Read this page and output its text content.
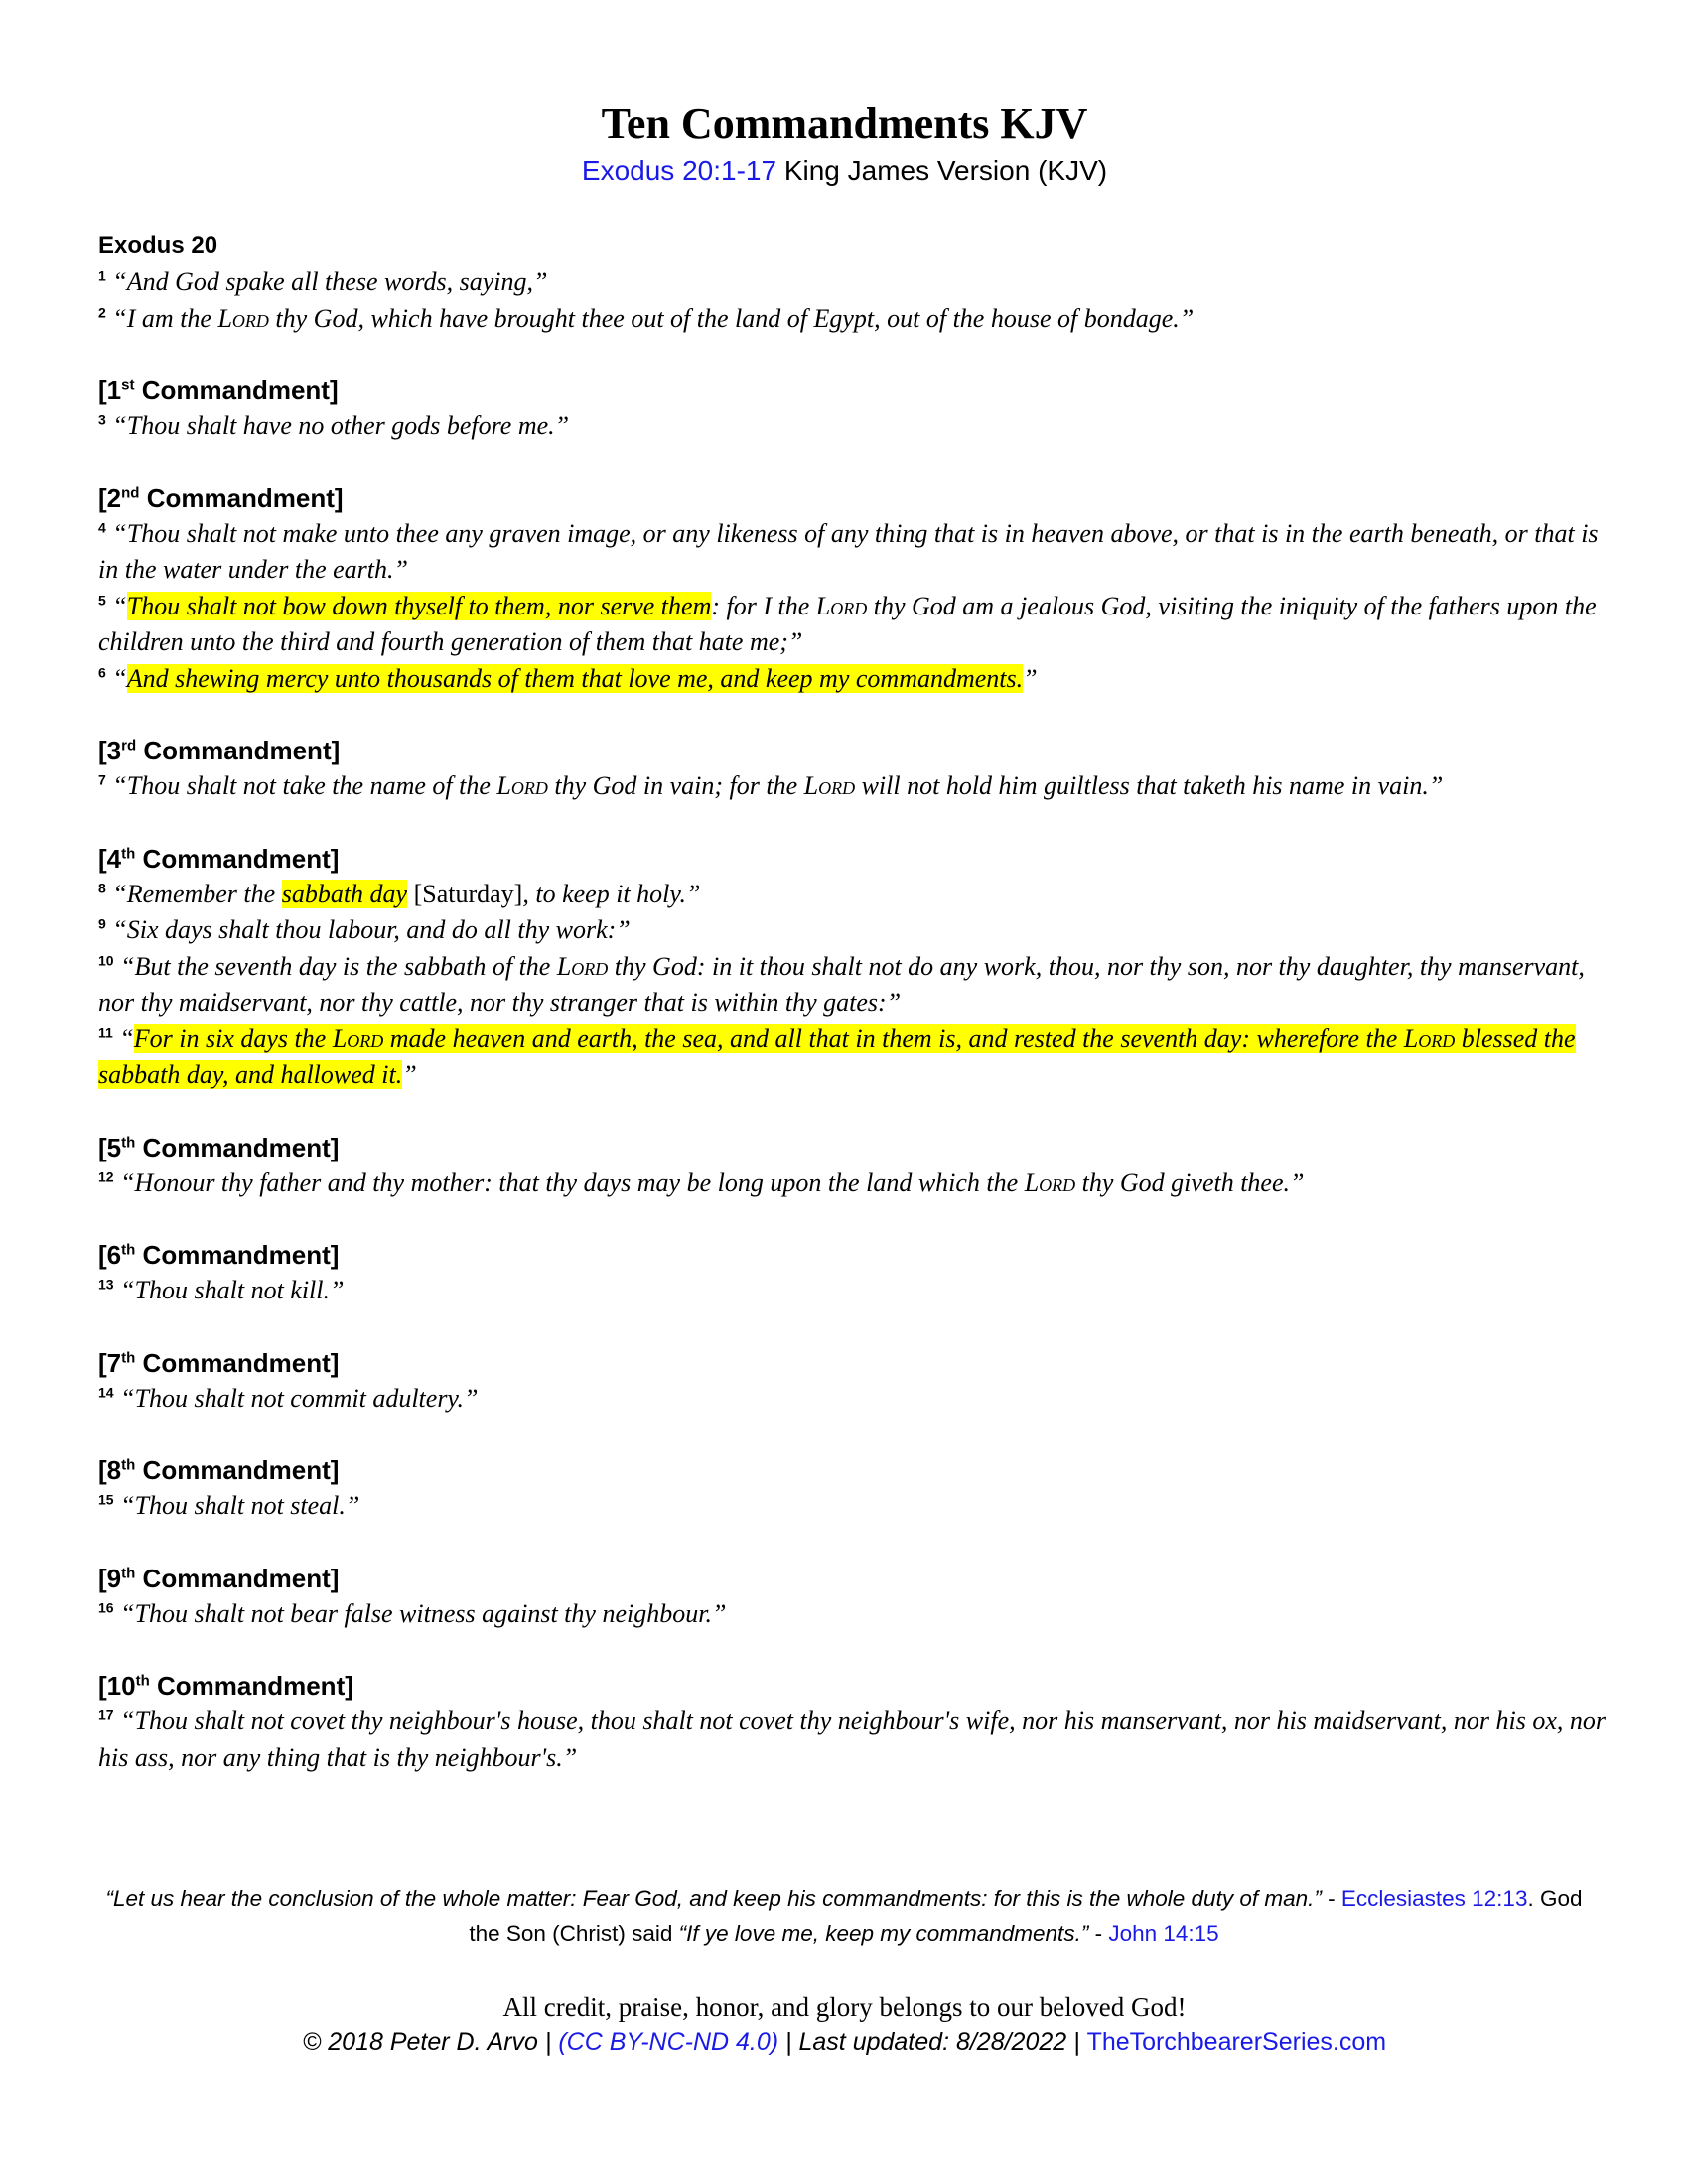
Ten Commandments KJV
Exodus 20:1-17 King James Version (KJV)
Exodus 20
$^1$ “And God spake all these words, saying,”
$^2$ “I am the Lord thy God, which have brought thee out of the land of Egypt, out of the house of bondage.”
[1st Commandment]
$^3$ “Thou shalt have no other gods before me.”
[2nd Commandment]
$^4$ “Thou shalt not make unto thee any graven image, or any likeness of any thing that is in heaven above, or that is in the earth beneath, or that is in the water under the earth.”
$^5$ “Thou shalt not bow down thyself to them, nor serve them: for I the Lord thy God am a jealous God, visiting the iniquity of the fathers upon the children unto the third and fourth generation of them that hate me;”
$^6$ “And shewing mercy unto thousands of them that love me, and keep my commandments.”
[3rd Commandment]
$^7$ “Thou shalt not take the name of the Lord thy God in vain; for the Lord will not hold him guiltless that taketh his name in vain.”
[4th Commandment]
$^8$ “Remember the sabbath day [Saturday], to keep it holy.”
$^9$ “Six days shalt thou labour, and do all thy work:”
$^{10}$ “But the seventh day is the sabbath of the Lord thy God: in it thou shalt not do any work, thou, nor thy son, nor thy daughter, thy manservant, nor thy maidservant, nor thy cattle, nor thy stranger that is within thy gates:”
$^{11}$ “For in six days the Lord made heaven and earth, the sea, and all that in them is, and rested the seventh day: wherefore the Lord blessed the sabbath day, and hallowed it.”
[5th Commandment]
$^{12}$ “Honour thy father and thy mother: that thy days may be long upon the land which the Lord thy God giveth thee.”
[6th Commandment]
$^{13}$ “Thou shalt not kill.”
[7th Commandment]
$^{14}$ “Thou shalt not commit adultery.”
[8th Commandment]
$^{15}$ “Thou shalt not steal.”
[9th Commandment]
$^{16}$ “Thou shalt not bear false witness against thy neighbour.”
[10th Commandment]
$^{17}$ “Thou shalt not covet thy neighbour's house, thou shalt not covet thy neighbour's wife, nor his manservant, nor his maidservant, nor his ox, nor his ass, nor any thing that is thy neighbour's.”
“Let us hear the conclusion of the whole matter: Fear God, and keep his commandments: for this is the whole duty of man.” - Ecclesiastes 12:13. God the Son (Christ) said “If ye love me, keep my commandments.” - John 14:15
All credit, praise, honor, and glory belongs to our beloved God!
© 2018 Peter D. Arvo | (CC BY-NC-ND 4.0) | Last updated: 8/28/2022 | TheTorchbearerSeries.com
